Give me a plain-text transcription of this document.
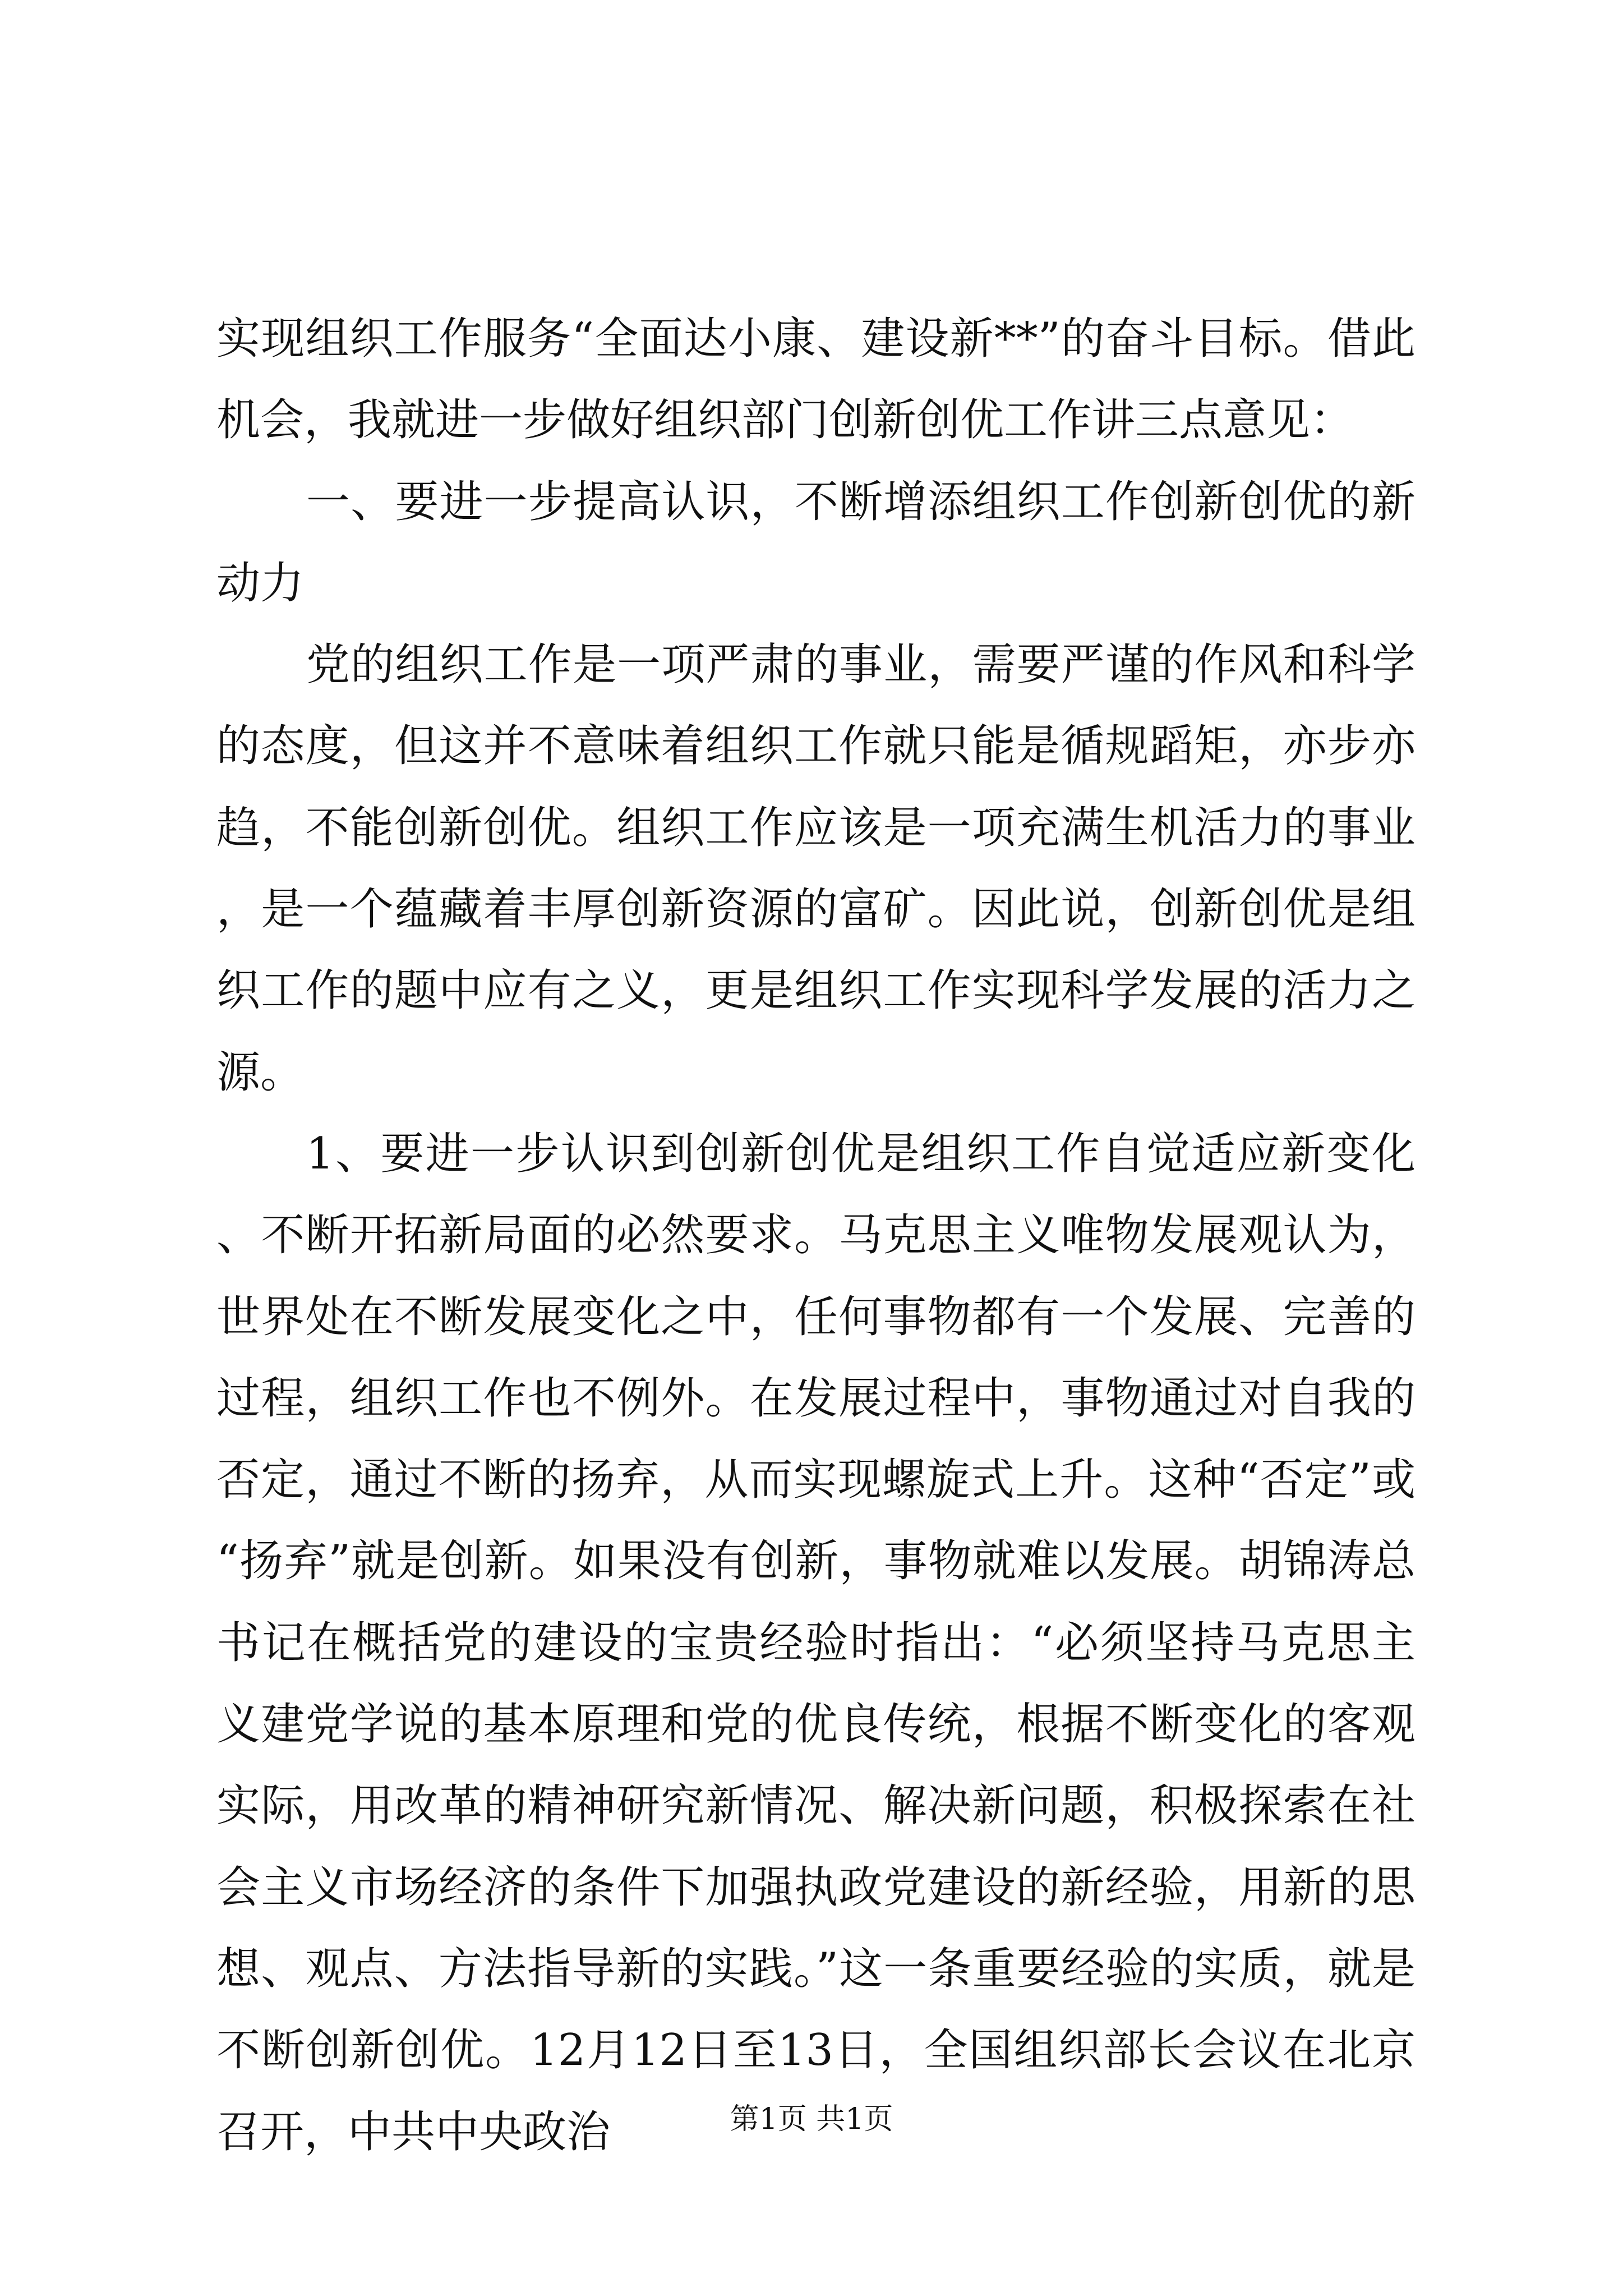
实现组织工作服务“全面达小康、建设新**”的奋斗目标。借此机会，我就进一步做好组织部门创新创优工作讲三点意见：

一、要进一步提高认识，不断增添组织工作创新创优的新动力

党的组织工作是一项严肃的事业，需要严谨的作风和科学的态度，但这并不意味着组织工作就只能是循规蹈矩，亦步亦趋，不能创新创优。组织工作应该是一项充满生机活力的事业，是一个蕴藏着丰厚创新资源的富矿。因此说，创新创优是组织工作的题中应有之义，更是组织工作实现科学发展的活力之源。

1、要进一步认识到创新创优是组织工作自觉适应新变化、不断开拓新局面的必然要求。马克思主义唯物发展观认为，世界处在不断发展变化之中，任何事物都有一个发展、完善的过程，组织工作也不例外。在发展过程中，事物通过对自我的否定，通过不断的扬弃，从而实现螺旋式上升。这种“否定”或“扬弃”就是创新。如果没有创新，事物就难以发展。胡锦涛总书记在概括党的建设的宝贵经验时指出：“必须坚持马克思主义建党学说的基本原理和党的优良传统，根据不断变化的客观实际，用改革的精神研究新情况、解决新问题，积极探索在社会主义市场经济的条件下加强执政党建设的新经验，用新的思想、观点、方法指导新的实践。”这一条重要经验的实质，就是不断创新创优。12月12日至13日，全国组织部长会议在北京召开，中共中央政治	第1页 共1页
